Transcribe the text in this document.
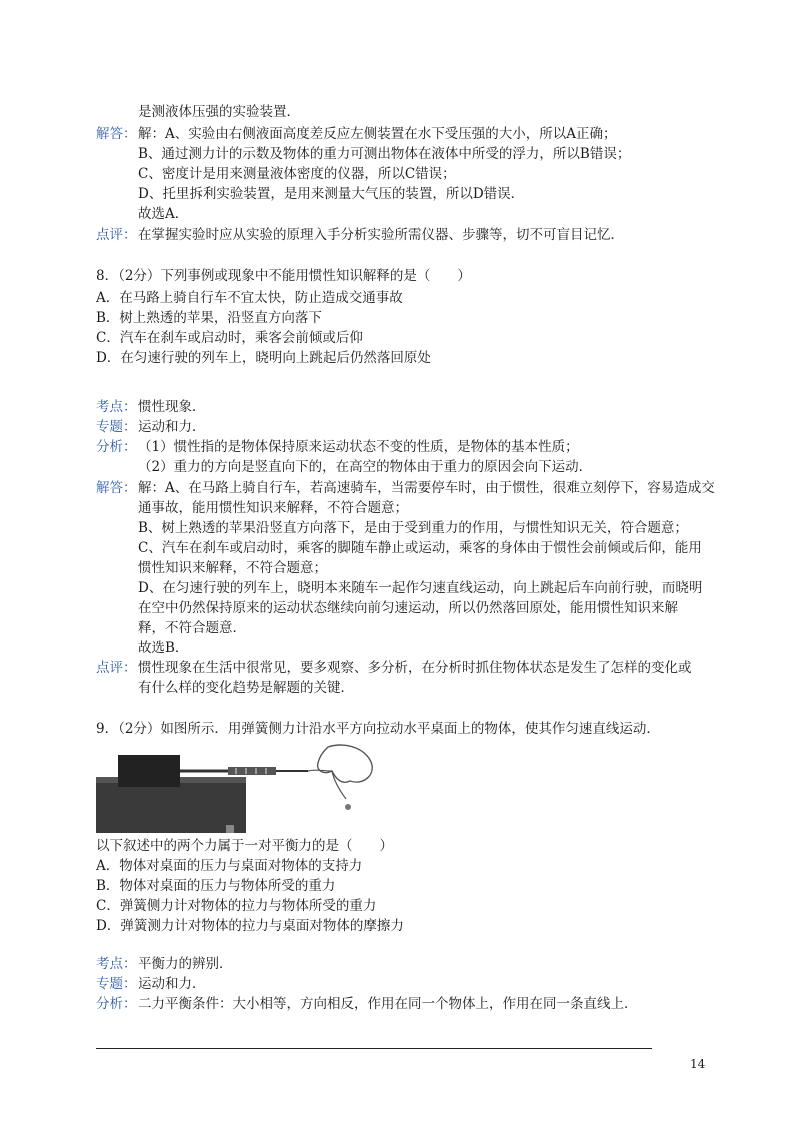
是测液体压强的实验装置．
解答： 解：A、实验由右侧液面高度差反应左侧装置在水下受压强的大小，所以A正确；
B、通过测力计的示数及物体的重力可测出物体在液体中所受的浮力，所以B错误；
C、密度计是用来测量液体密度的仪器，所以C错误；
D、托里拆利实验装置，是用来测量大气压的装置，所以D错误．
故选A．
点评： 在掌握实验时应从实验的原理入手分析实验所需仪器、步骤等，切不可盲目记忆．
8．（2分）下列事例或现象中不能用惯性知识解释的是（　　）
A．在马路上骑自行车不宜太快，防止造成交通事故
B．树上熟透的苹果，沿竖直方向落下
C．汽车在刹车或启动时，乘客会前倾或后仰
D．在匀速行驶的列车上，晓明向上跳起后仍然落回原处
考点： 惯性现象．
专题： 运动和力．
分析： （1）惯性指的是物体保持原来运动状态不变的性质，是物体的基本性质；
（2）重力的方向是竖直向下的，在高空的物体由于重力的原因会向下运动．
解答： 解：A、在马路上骑自行车，若高速骑车，当需要停车时，由于惯性，很难立刻停下，容易造成交
通事故，能用惯性知识来解释，不符合题意；
B、树上熟透的苹果沿竖直方向落下，是由于受到重力的作用，与惯性知识无关，符合题意；
C、汽车在刹车或启动时，乘客的脚随车静止或运动，乘客的身体由于惯性会前倾或后仰，能用
惯性知识来解释，不符合题意；
D、在匀速行驶的列车上，晓明本来随车一起作匀速直线运动，向上跳起后车向前行驶，而晓明
在空中仍然保持原来的运动状态继续向前匀速运动，所以仍然落回原处，能用惯性知识来解
释，不符合题意．
故选B．
点评： 惯性现象在生活中很常见，要多观察、多分析，在分析时抓住物体状态是发生了怎样的变化或
有什么样的变化趋势是解题的关键．
9．（2分）如图所示．用弹簧侧力计沿水平方向拉动水平桌面上的物体，使其作匀速直线运动．
以下叙述中的两个力属于一对平衡力的是（　　）
A．物体对桌面的压力与桌面对物体的支持力
B．物体对桌面的压力与物体所受的重力
C．弹簧侧力计对物体的拉力与物体所受的重力
D．弹簧测力计对物体的拉力与桌面对物体的摩擦力
考点： 平衡力的辨别．
专题： 运动和力．
分析： 二力平衡条件：大小相等，方向相反，作用在同一个物体上，作用在同一条直线上．
14
